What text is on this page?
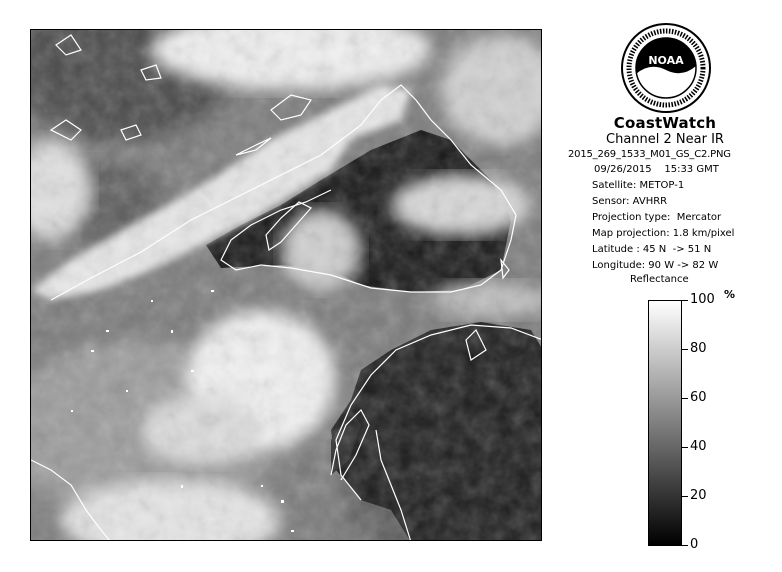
NOAA
CoastWatch
Channel 2 Near IR
2015_269_1533_M01_GS_C2.PNG
09/26/2015    15:33 GMT
Satellite: METOP-1
Sensor: AVHRR
Projection type:  Mercator
Map projection: 1.8 km/pixel
Latitude : 45 N  -> 51 N
Longitude: 90 W -> 82 W
Reflectance
%
100
80
60
40
20
0
